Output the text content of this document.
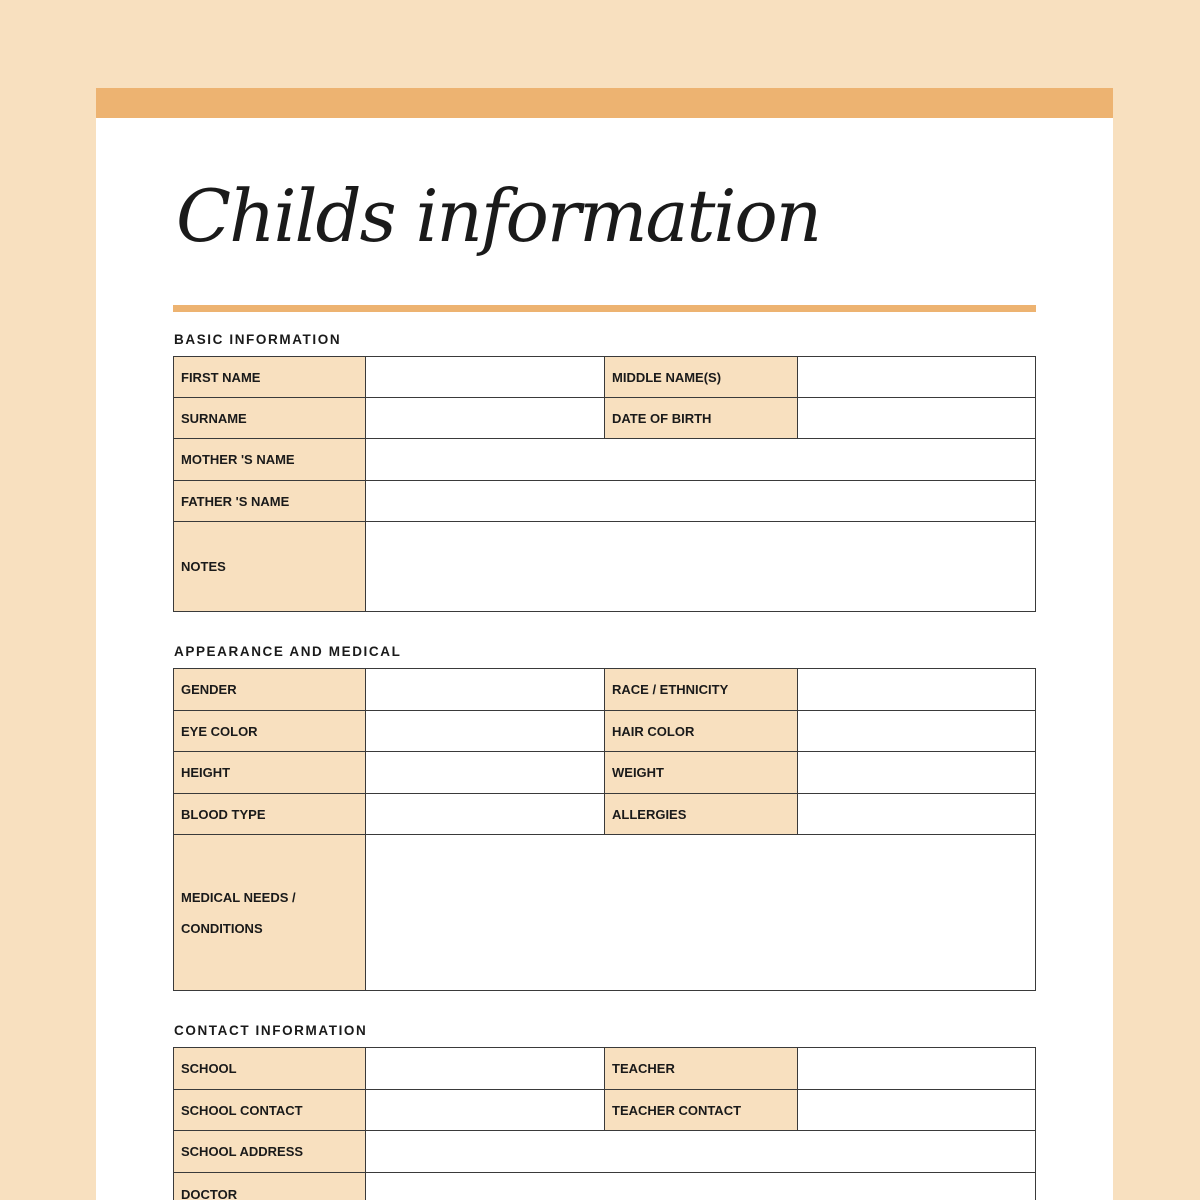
Childs information
BASIC INFORMATION
FIRST NAME		MIDDLE NAME(S)	
SURNAME		DATE OF BIRTH	
MOTHER 'S NAME			
FATHER 'S NAME			
NOTES			
APPEARANCE AND MEDICAL
GENDER		RACE / ETHNICITY	
EYE COLOR		HAIR COLOR	
HEIGHT		WEIGHT	
BLOOD TYPE		ALLERGIES	

MEDICAL NEEDS /
CONDITIONS			

CONTACT INFORMATION
SCHOOL		TEACHER	
SCHOOL CONTACT		TEACHER CONTACT	
SCHOOL ADDRESS			
DOCTOR			
